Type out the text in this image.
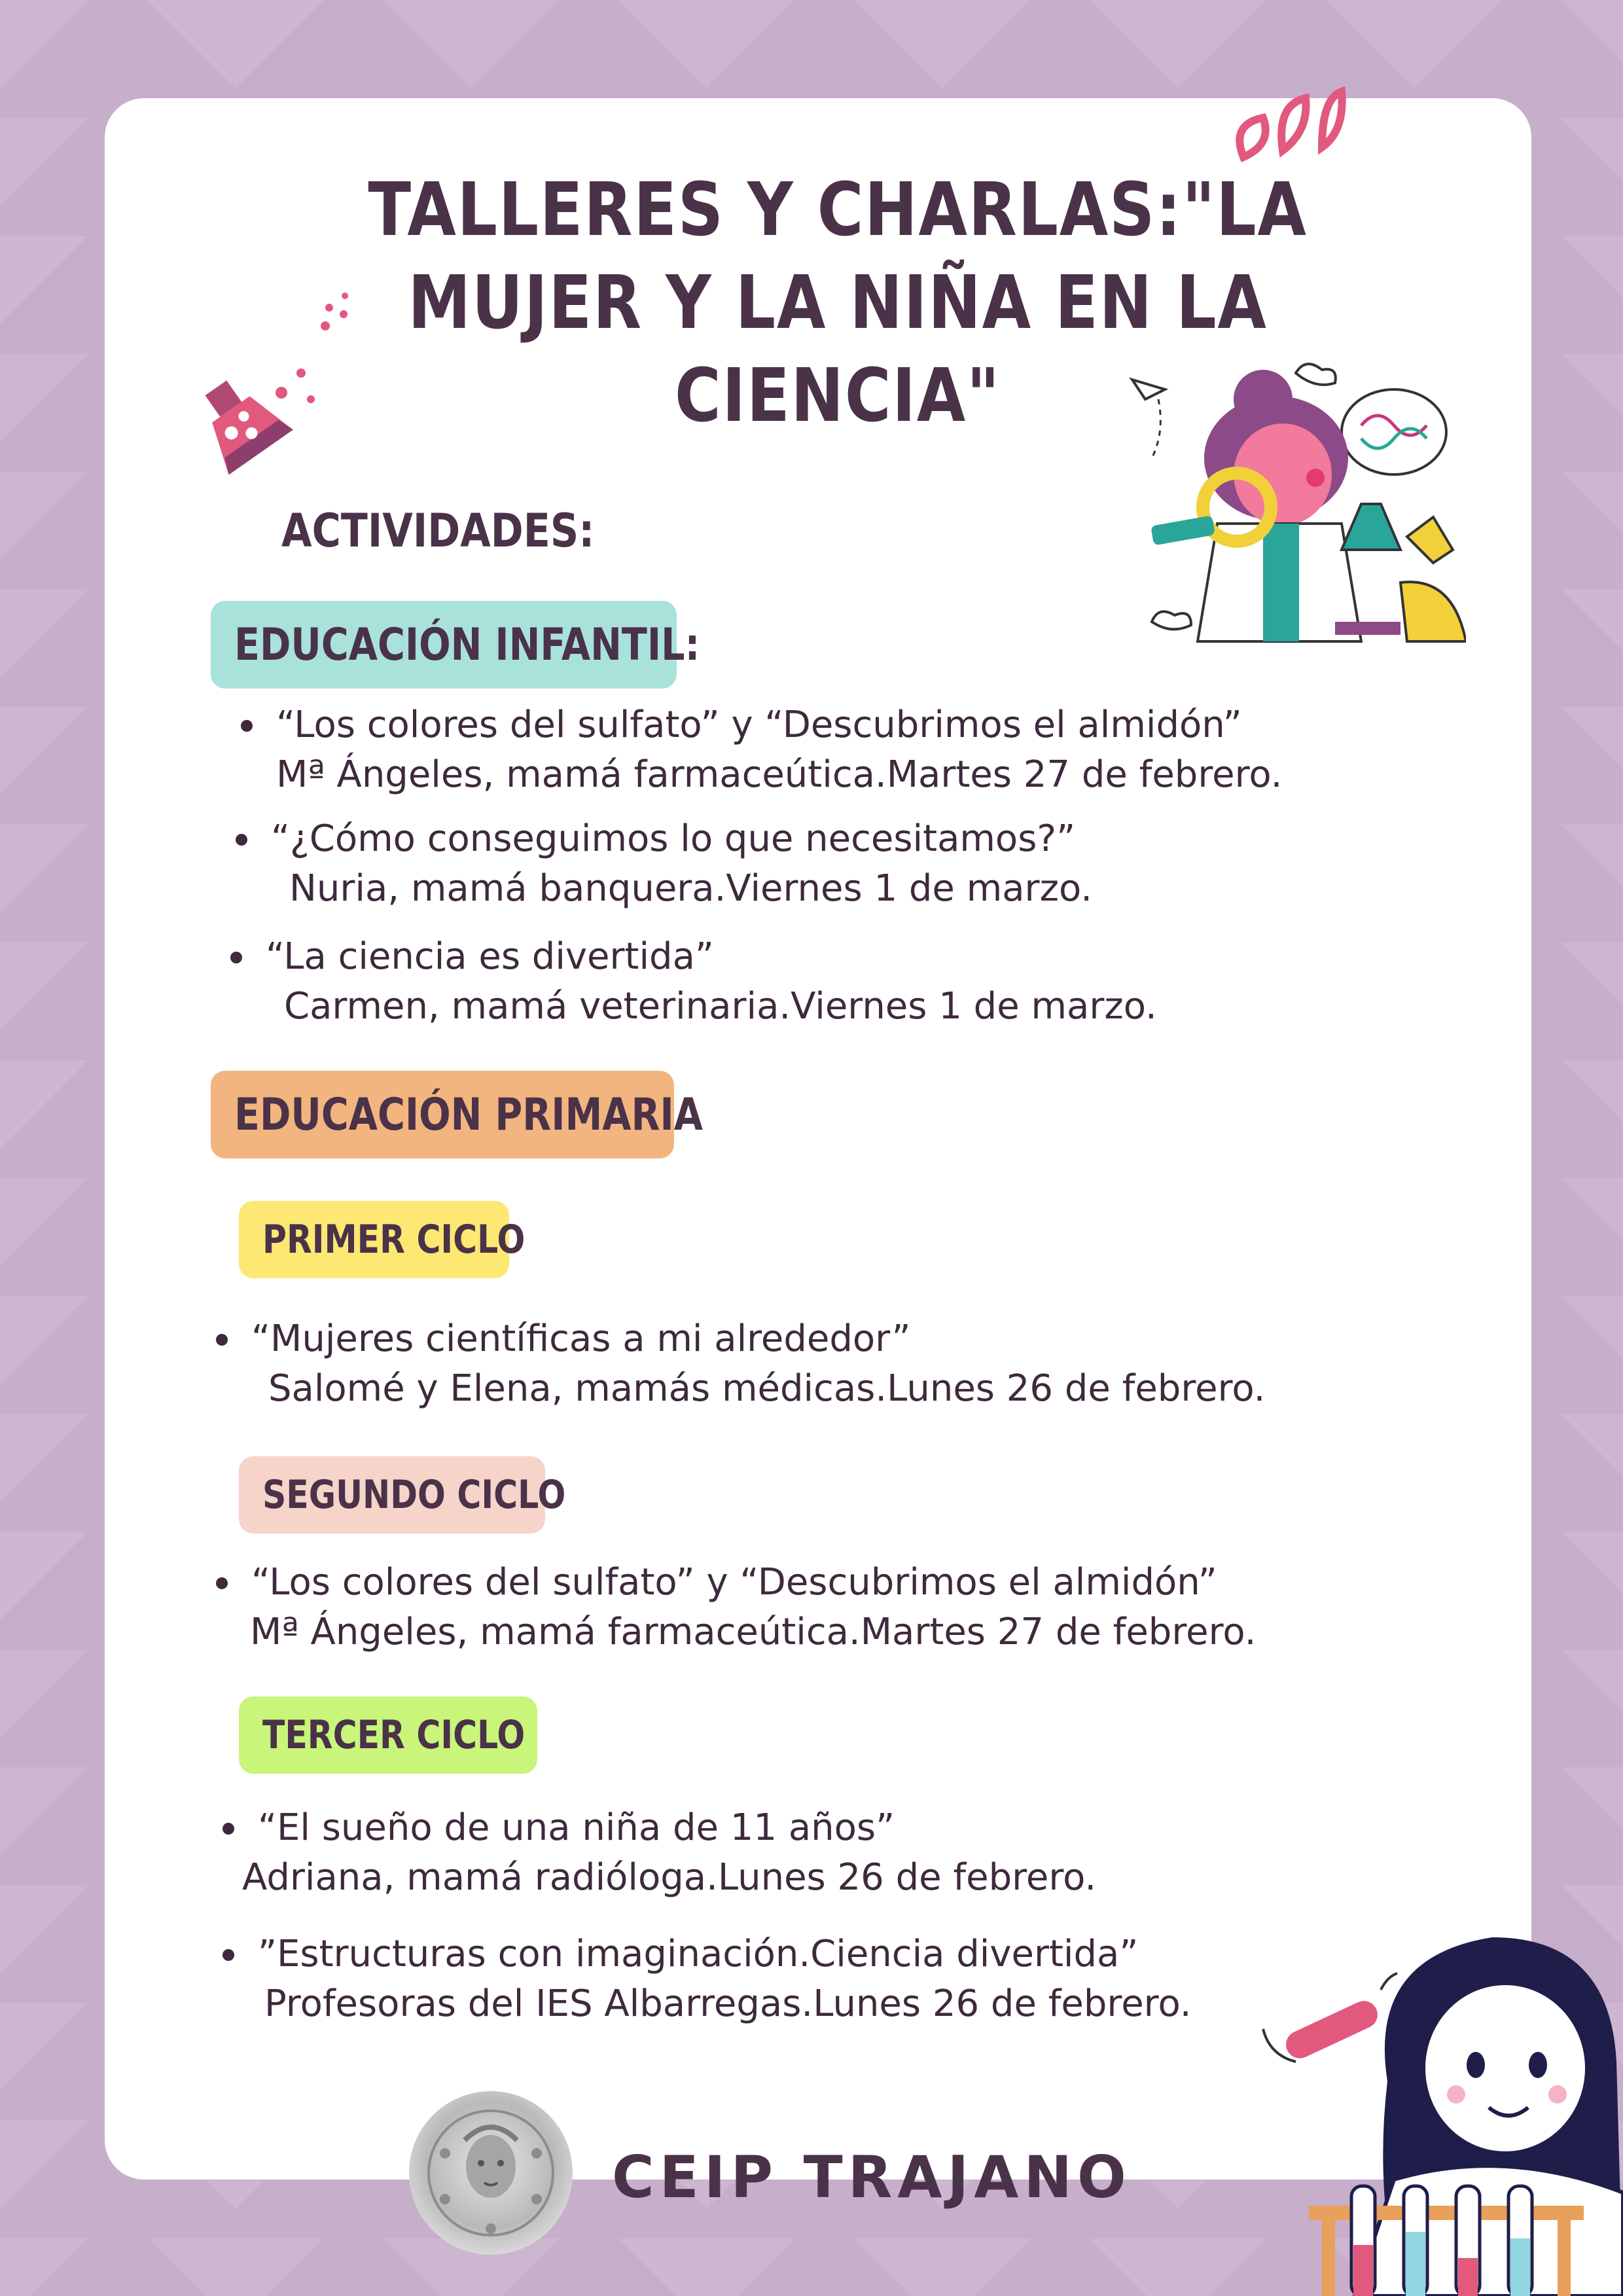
TALLERES Y CHARLAS:"LA MUJER Y LA NIÑA EN LA CIENCIA"
ACTIVIDADES:
EDUCACIÓN INFANTIL:
“Los colores del sulfato” y “Descubrimos el almidón”
Mª Ángeles, mamá farmaceútica.Martes 27 de febrero.
“¿Cómo conseguimos lo que necesitamos?”
Nuria, mamá banquera.Viernes 1 de marzo.
“La ciencia es divertida”
Carmen, mamá veterinaria.Viernes 1 de marzo.
EDUCACIÓN PRIMARIA
PRIMER CICLO
“Mujeres científicas a mi alrededor”
Salomé y Elena, mamás médicas.Lunes 26 de febrero.
SEGUNDO CICLO
“Los colores del sulfato” y “Descubrimos el almidón”
Mª Ángeles, mamá farmaceútica.Martes 27 de febrero.
TERCER CICLO
“El sueño de una niña de 11 años”
Adriana, mamá radióloga.Lunes 26 de febrero.
”Estructuras con imaginación.Ciencia divertida”
Profesoras del IES Albarregas.Lunes 26 de febrero.
CEIP TRAJANO
